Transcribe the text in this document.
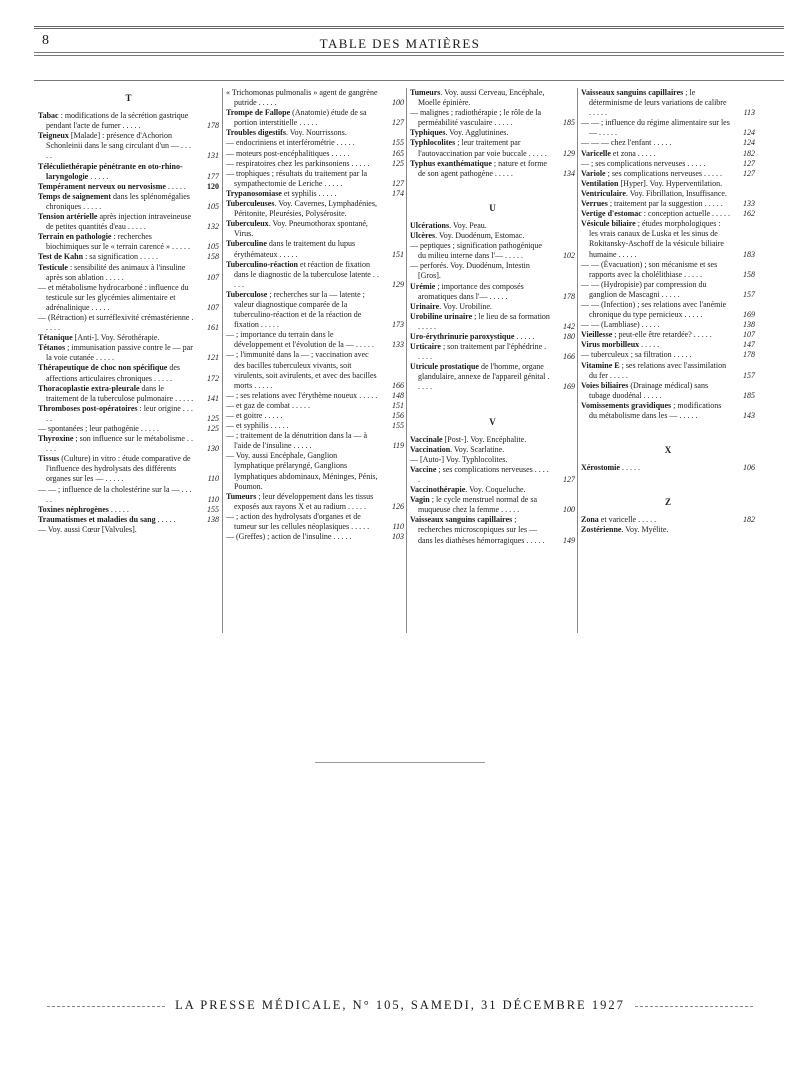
8	TABLE DES MATIÈRES
T
Tabac : modifications de la sécrétion gastrique pendant l'acte de fumer . . . . .	178
Teigneux [Malade] : présence d'Achorion Schonleinii dans le sang circulant d'un — . . . . .	131
Téléculiethérapie pénétrante en oto-rhino-laryngologie . . . . .	177
Tempérament nerveux ou nervosisme . . . . .	120
Temps de saignement dans les splénomégalies chroniques . . . . .	105
Tension artérielle après injection intraveineuse de petites quantités d'eau . . . . .	132
Terrain en pathologie : recherches biochimiques sur le « terrain carencé » . . . . . 105
Test de Kahn : sa signification . . . . .	158
Testicule : sensibilité des animaux à l'insuline après son ablation . . . . .	107
— et métabolisme hydrocarboné : influence du testicule sur les glycémies alimentaire et adrénalinique . . . . .	107
— (Rétraction) et surréflexivité crémastérienne . . . . .	161
Tétanique [Anti-]. Voy. Sérothérapie.
Tétanos ; immunisation passive contre le — par la voie cutanée . . . . .	121
Thérapeutique de choc non spécifique des affections articulaires chroniques . . . . .	172
Thoracoplastie extra-pleurale dans le traitement de la tuberculose pulmonaire . . . . . 141
Thromboses post-opératoires : leur origine . . . . .	125
— spontanées ; leur pathogénie . . . . .	125
Thyroxine ; son influence sur le métabolisme . . . . .	130
Tissus (Culture) in vitro : étude comparative de l'influence des hydrolysats des différents organes sur les — . . . . .	110
— — ; influence de la cholestérine sur la — . . . . .	110
Toxines néphrogènes . . . . .	155
Traumatismes et maladies du sang . . . . .	138
— Voy. aussi Cœur [Valvules].
« Trichomonas pulmonalis » agent de gangrène putride . . . . .	100
Trompe de Fallope (Anatomie) étude de sa portion interstitielle . . . . .	127
Troubles digestifs. Voy. Nourrissons.
— endocriniens et interférométrie . . . . .	155
— moteurs post-encéphalitiques . . . . .	165
— respiratoires chez les parkinsoniens . . . . .	125
— trophiques ; résultats du traitement par la sympathectomie de Leriche . . . . .	127
Trypanosomiase et syphilis . . . . .	174
Tuberculeuses. Voy. Cavernes, Lymphadénies, Péritonite, Pleurésies, Polysérosite.
Tuberculeux. Voy. Pneumothorax spontané, Virus.
Tuberculine dans le traitement du lupus érythémateux . . . . .	151
Tuberculino-réaction et réaction de fixation dans le diagnostic de la tuberculose latente . . . . .	129
Tuberculose ; recherches sur la — latente ; valeur diagnostique comparée de la tuberculino-réaction et de la réaction de fixation . . . . .	173
— ; importance du terrain dans le développement et l'évolution de la — . . . . . 133
— ; l'immunité dans la — ; vaccination avec des bacilles tuberculeux vivants, soit virulents, soit avirulents, et avec des bacilles morts . . . . .	166
— ; ses relations avec l'érythème noueux . . . . . 148
— et gaz de combat . . . . .	151
— et goitre . . . . .	156
— et syphilis . . . . .	155
— ; traitement de la dénutrition dans la — à l'aide de l'insuline . . . . .	119
— Voy. aussi Encéphale, Ganglion lymphatique prélaryngé, Ganglions lymphatiques abdominaux, Méninges, Pénis, Poumon.
Tumeurs ; leur développement dans les tissus exposés aux rayons X et au radium . . . . .	126
— ; action des hydrolysats d'organes et de tumeur sur les cellules néoplasiques . . . . .	110
— (Greffes) ; action de l'insuline . . . . .	103
Tumeurs. Voy. aussi Cerveau, Encéphale, Moelle épinière.
— malignes ; radiothérapie ; le rôle de la perméabilité vasculaire . . . . .	185
Typhiques. Voy. Agglutinines.
Typhlocolites ; leur traitement par l'autovaccination par voie buccale . . . . . 129
Typhus exanthématique ; nature et forme de son agent pathogène . . . . .	134
U
Ulcérations. Voy. Peau.
Ulcères. Voy. Duodénum, Estomac.
— peptiques ; signification pathogénique du milieu interne dans l'— . . . . .	102
— perforés. Voy. Duodénum, Intestin [Gros].
Urémie ; importance des composés aromatiques dans l'— . . . . .	178
Urinaire. Voy. Urobiline.
Urobiline urinaire ; le lieu de sa formation . . . . .	142
Uro-érythrinurie paroxystique . . . . .	180
Urticaire ; son traitement par l'éphédrine . . . . .	166
Utricule prostatique de l'homme, organe glandulaire, annexe de l'appareil génital . . . . .	169
V
Vaccinale [Post-]. Voy. Encéphalite.
Vaccination. Voy. Scarlatine.
— [Auto-] Voy. Typhlocolites.
Vaccine ; ses complications nerveuses . . . . .	127
Vaccinothérapie. Voy. Coqueluche.
Vagin ; le cycle menstruel normal de sa muqueuse chez la femme . . . . .	100
Vaisseaux sanguins capillaires ; recherches microscopiques sur les — dans les diathèses hémorragiques . . . . . 149
Vaisseaux sanguins capillaires ; le déterminisme de leurs variations de calibre . . . . .	113
— — ; influence du régime alimentaire sur les — . . . . .	124
— — — chez l'enfant . . . . .	124
Varicelle et zona . . . . .	182
— ; ses complications nerveuses . . . . .	127
Variole ; ses complications nerveuses . . . . .	127
Ventilation [Hyper]. Voy. Hyperventilation.
Ventriculaire. Voy. Fibrillation, Insuffisance.
Verrues ; traitement par la suggestion . . . . .	133
Vertige d'estomac : conception actuelle . . . . . 162
Vésicule biliaire ; études morphologiques : les vrais canaux de Luska et les sinus de Rokitansky-Aschoff de la vésicule biliaire humaine . . . . .	183
— — (Évacuation) ; son mécanisme et ses rapports avec la cholélithiase . . . . .	158
— — (Hydropisie) par compression du ganglion de Mascagni . . . . .	157
— — (Infection) ; ses relations avec l'anémie chronique du type pernicieux . . . . .	169
— — (Lambliase) . . . . .	138
Vieillesse ; peut-elle être retardée? . . . . .	107
Virus morbilleux . . . . .	147
— tuberculeux ; sa filtration . . . . .	178
Vitamine E ; ses relations avec l'assimilation du fer . . . . .	157
Voies biliaires (Drainage médical) sans tubage duodénal . . . . .	185
Vomissements gravidiques ; modifications du métabolisme dans les — . . . . .	143
X
Xérostomie . . . . .	106
Z
Zona et varicelle . . . . .	182
Zostérienne. Voy. Myélite.
LA PRESSE MÉDICALE, N° 105, SAMEDI, 31 DÉCEMBRE 1927
